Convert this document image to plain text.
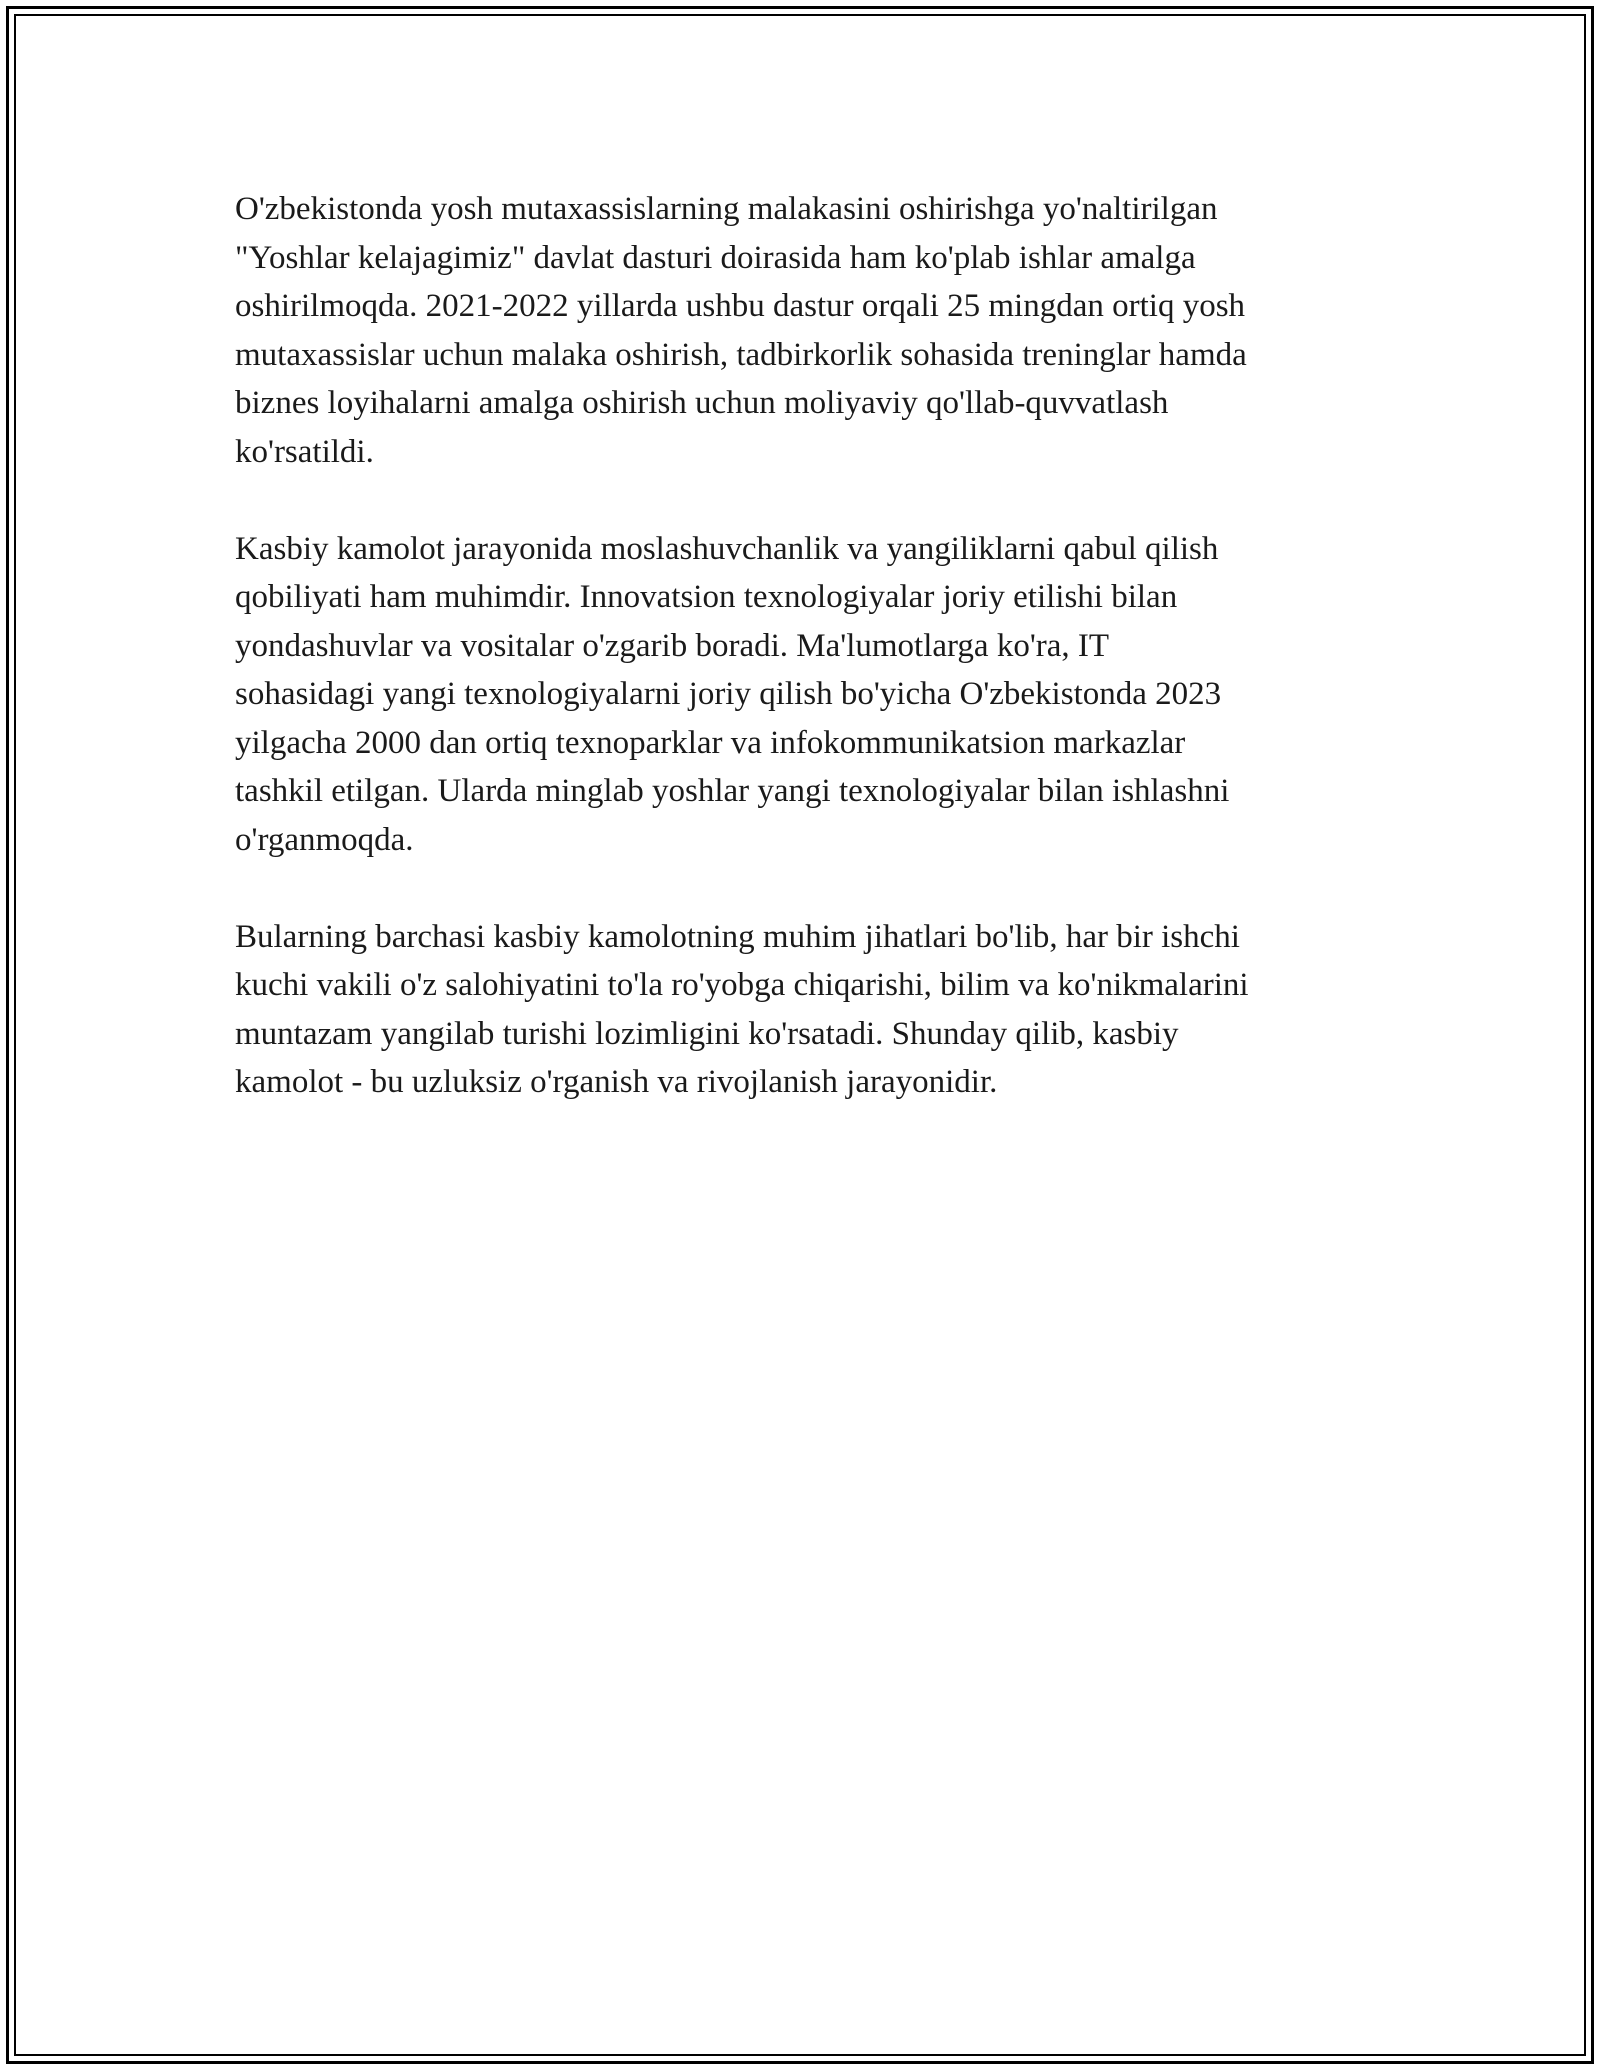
O'zbekistonda yosh mutaxassislarning malakasini oshirishga yo'naltirilgan
"Yoshlar kelajagimiz" davlat dasturi doirasida ham ko'plab ishlar amalga
oshirilmoqda. 2021-2022 yillarda ushbu dastur orqali 25 mingdan ortiq yosh
mutaxassislar uchun malaka oshirish, tadbirkorlik sohasida treninglar hamda
biznes loyihalarni amalga oshirish uchun moliyaviy qo'llab-quvvatlash
ko'rsatildi.

Kasbiy kamolot jarayonida moslashuvchanlik va yangiliklarni qabul qilish
qobiliyati ham muhimdir. Innovatsion texnologiyalar joriy etilishi bilan
yondashuvlar va vositalar o'zgarib boradi. Ma'lumotlarga ko'ra, IT
sohasidagi yangi texnologiyalarni joriy qilish bo'yicha O'zbekistonda 2023
yilgacha 2000 dan ortiq texnoparklar va infokommunikatsion markazlar
tashkil etilgan. Ularda minglab yoshlar yangi texnologiyalar bilan ishlashni
o'rganmoqda.

Bularning barchasi kasbiy kamolotning muhim jihatlari bo'lib, har bir ishchi
kuchi vakili o'z salohiyatini to'la ro'yobga chiqarishi, bilim va ko'nikmalarini
muntazam yangilab turishi lozimligini ko'rsatadi. Shunday qilib, kasbiy
kamolot - bu uzluksiz o'rganish va rivojlanish jarayonidir.
